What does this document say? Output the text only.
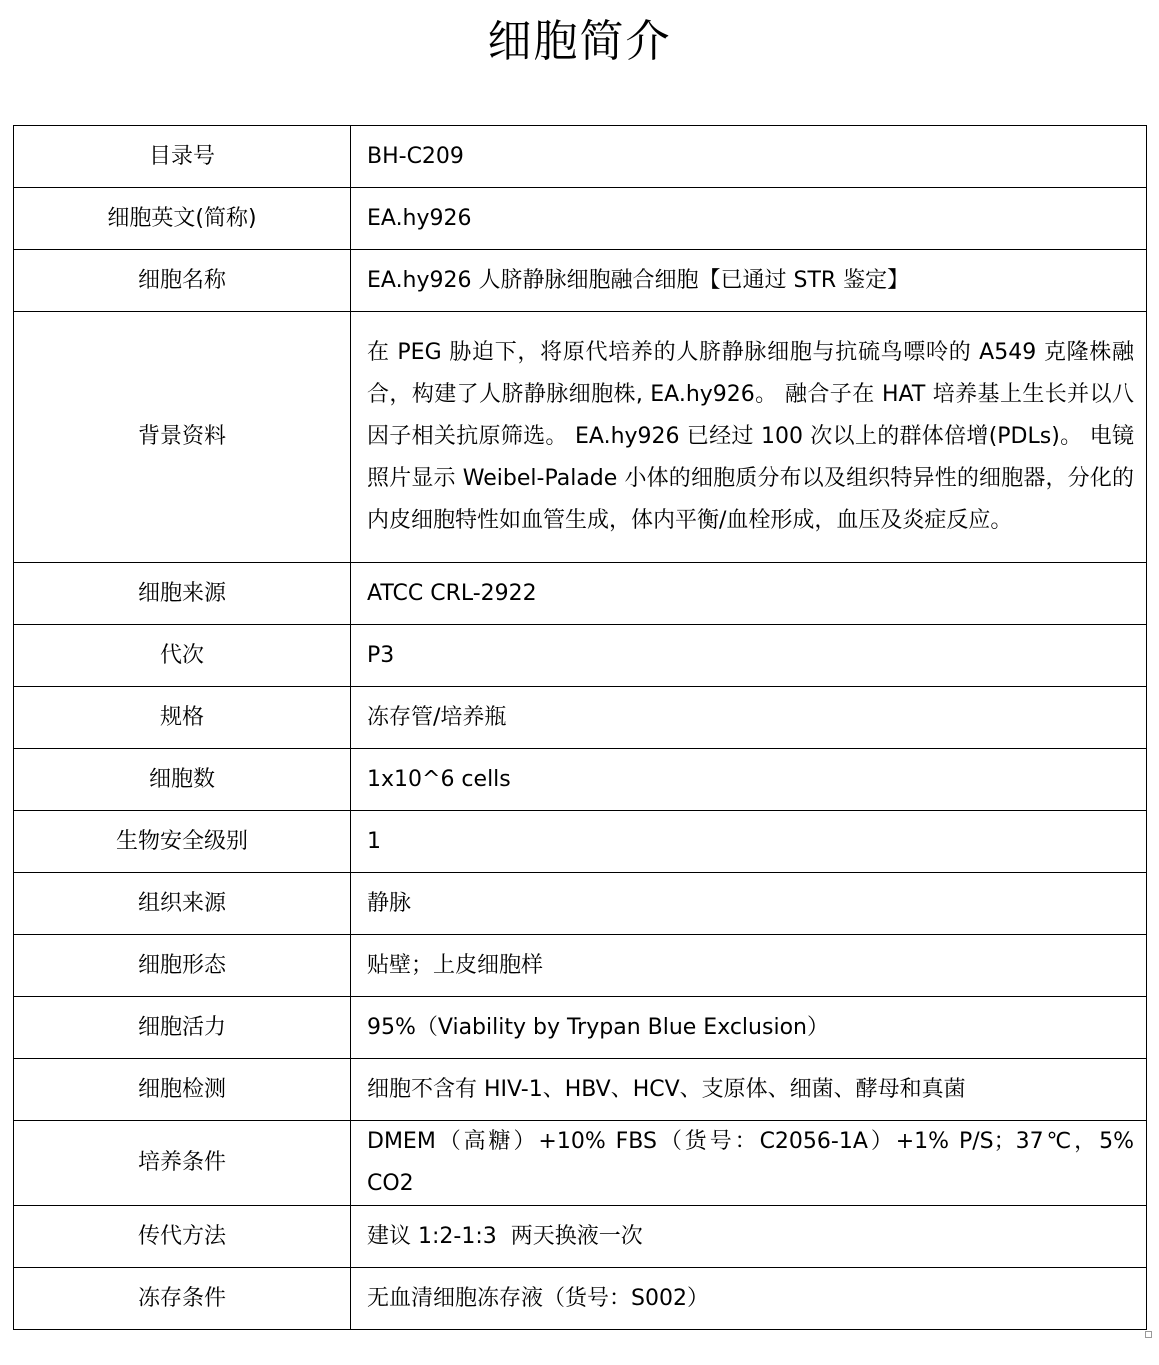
细胞简介
目录号	BH-C209
细胞英文(简称)	EA.hy926
细胞名称	EA.hy926 人脐静脉细胞融合细胞【已通过 STR 鉴定】
背景资料	在 PEG 胁迫下，将原代培养的人脐静脉细胞与抗硫鸟嘌呤的 A549 克隆株融合，构建了人脐静脉细胞株, EA.hy926。 融合子在 HAT 培养基上生长并以八因子相关抗原筛选。 EA.hy926 已经过 100 次以上的群体倍增(PDLs)。 电镜照片显示 Weibel-Palade 小体的细胞质分布以及组织特异性的细胞器，分化的内皮细胞特性如血管生成，体内平衡/血栓形成，血压及炎症反应。

细胞来源	ATCC CRL-2922
代次	P3
规格	冻存管/培养瓶
细胞数	1x10^6 cells
生物安全级别	1
组织来源	静脉
细胞形态	贴壁；上皮细胞样
细胞活力	95%（Viability by Trypan Blue Exclusion）
细胞检测	细胞不含有 HIV-1、HBV、HCV、支原体、细菌、酵母和真菌
培养条件	DMEM（高糖）+10% FBS（货号：C2056-1A）+1% P/S；37℃，5% CO2

传代方法	建议 1:2-1:3  两天换液一次
冻存条件	无血清细胞冻存液（货号：S002）
